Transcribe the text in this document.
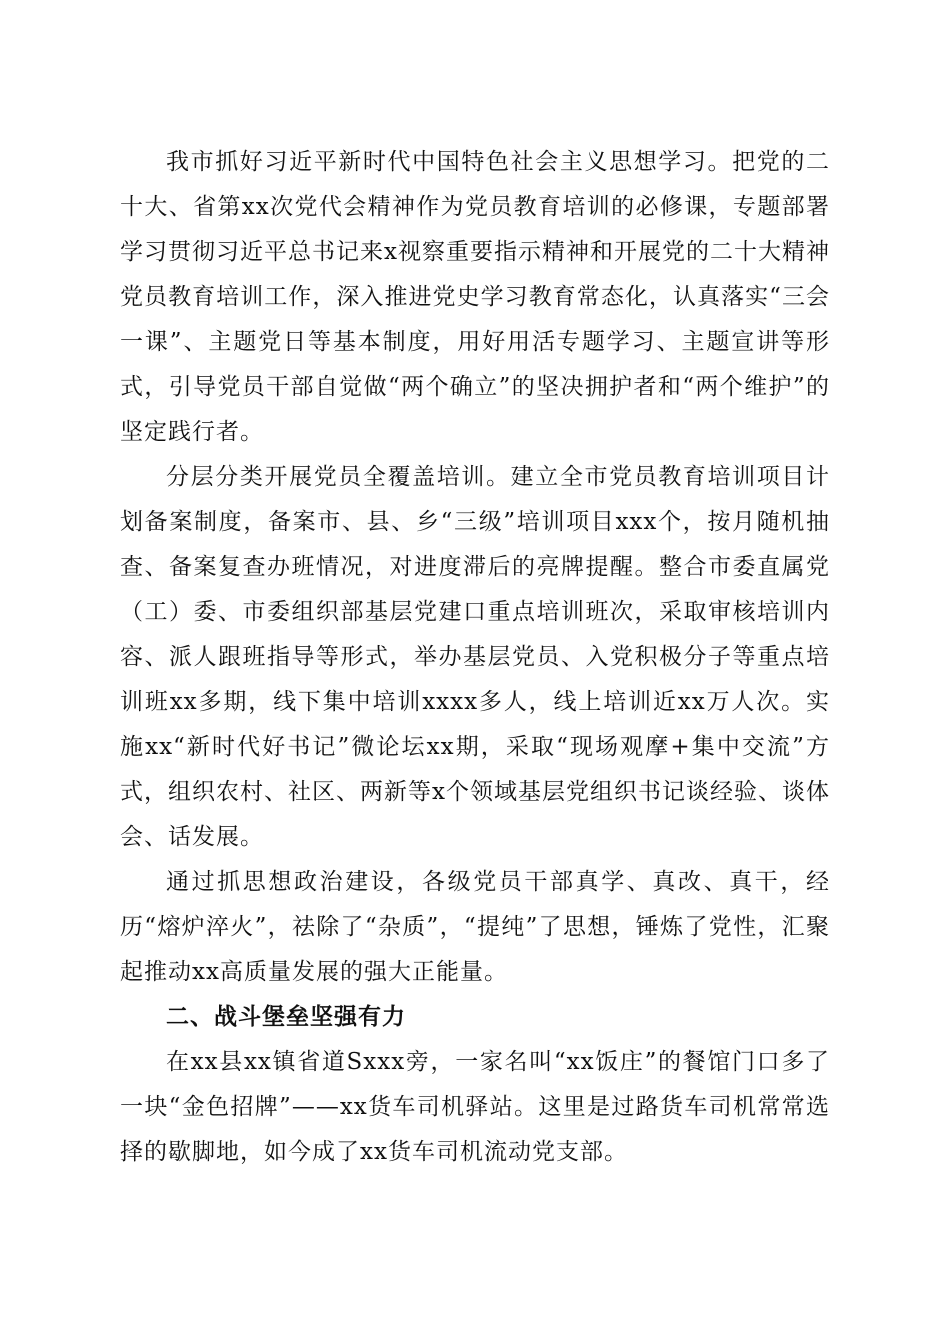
我市抓好习近平新时代中国特色社会主义思想学习。把党的二十大、省第xx次党代会精神作为党员教育培训的必修课，专题部署学习贯彻习近平总书记来x视察重要指示精神和开展党的二十大精神党员教育培训工作，深入推进党史学习教育常态化，认真落实“三会一课”、主题党日等基本制度，用好用活专题学习、主题宣讲等形式，引导党员干部自觉做“两个确立”的坚决拥护者和“两个维护”的坚定践行者。

分层分类开展党员全覆盖培训。建立全市党员教育培训项目计划备案制度，备案市、县、乡“三级”培训项目xxx个，按月随机抽查、备案复查办班情况，对进度滞后的亮牌提醒。整合市委直属党（工）委、市委组织部基层党建口重点培训班次，采取审核培训内容、派人跟班指导等形式，举办基层党员、入党积极分子等重点培训班xx多期，线下集中培训xxxx多人，线上培训近xx万人次。实施xx“新时代好书记”微论坛xx期，采取“现场观摩+集中交流”方式，组织农村、社区、两新等x个领域基层党组织书记谈经验、谈体会、话发展。

通过抓思想政治建设，各级党员干部真学、真改、真干，经历“熔炉淬火”，祛除了“杂质”，“提纯”了思想，锤炼了党性，汇聚起推动xx高质量发展的强大正能量。

二、战斗堡垒坚强有力

在xx县xx镇省道Sxxx旁，一家名叫“xx饭庄”的餐馆门口多了一块“金色招牌”——xx货车司机驿站。这里是过路货车司机常常选择的歇脚地，如今成了xx货车司机流动党支部。
